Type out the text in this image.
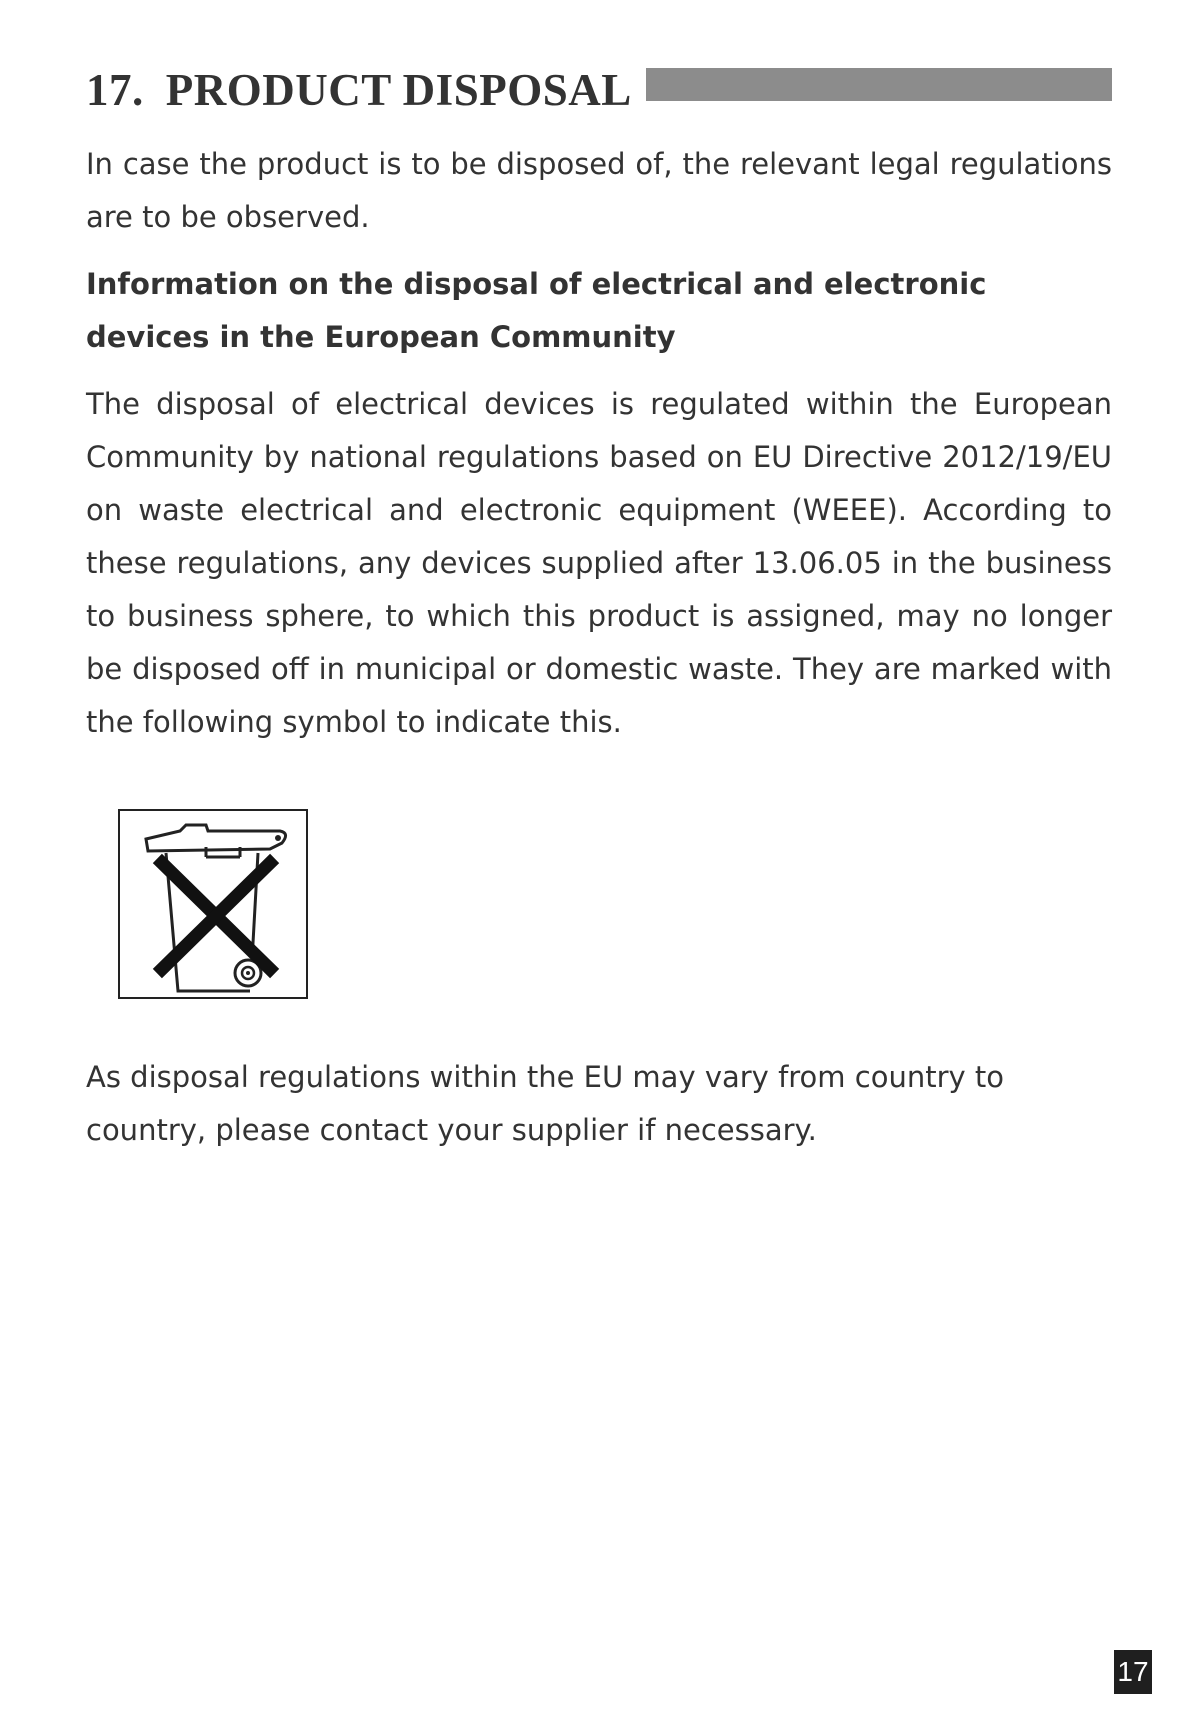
17. PRODUCT DISPOSAL

In case the product is to be disposed of, the relevant legal regulations are to be observed.

Information on the disposal of electrical and electronic devices in the European Community

The disposal of electrical devices is regulated within the European Community by national regulations based on EU Directive 2012/19/EU on waste electrical and electronic equipment (WEEE). According to these regulations, any devices supplied after 13.06.05 in the business to business sphere, to which this product is assigned, may no longer be disposed off in municipal or domestic waste. They are marked with the following symbol to indicate this.

As disposal regulations within the EU may vary from country to country, please contact your supplier if necessary.

17
